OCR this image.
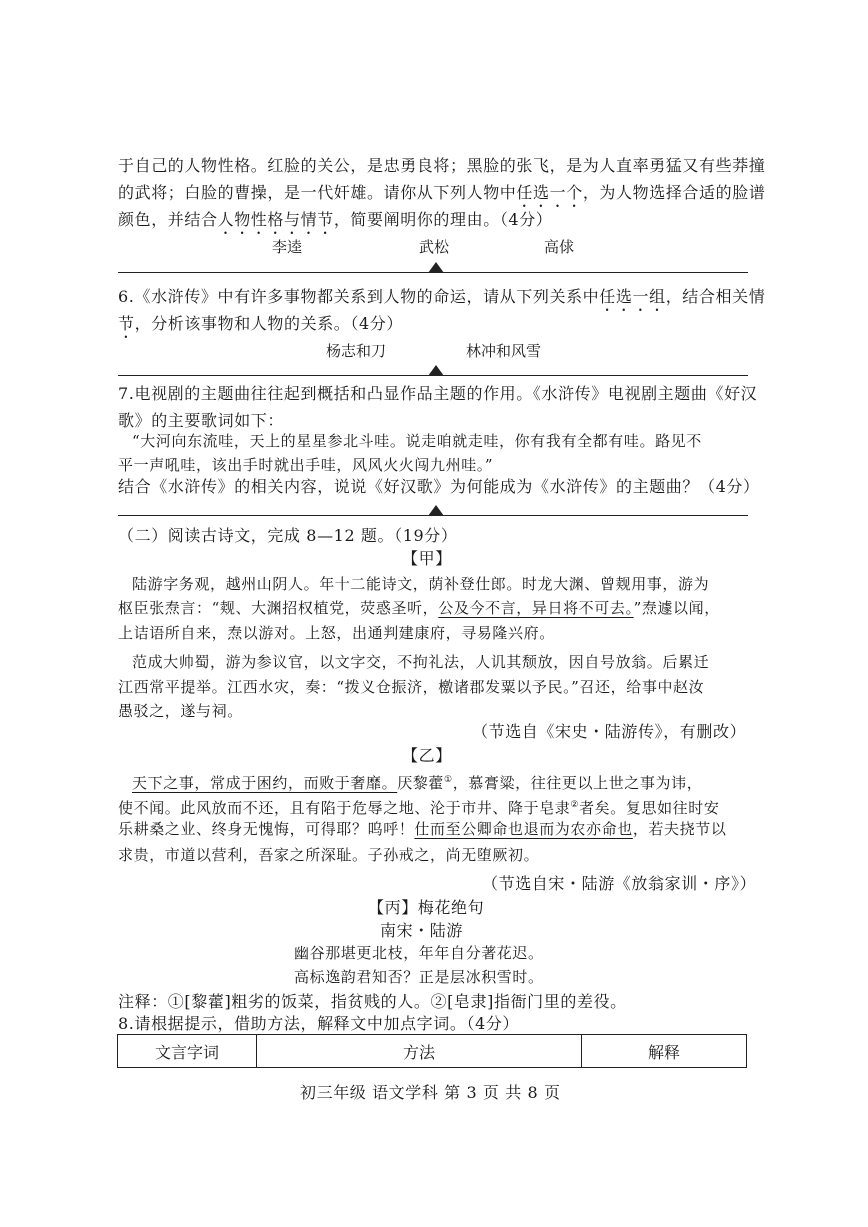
于自己的人物性格。红脸的关公，是忠勇良将；黑脸的张飞，是为人直率勇猛又有些莽撞
的武将；白脸的曹操，是一代奸雄。请你从下列人物中任选一个，为人物选择合适的脸谱
颜色，并结合人物性格与情节，简要阐明你的理由。（4分）
李逵	武松	高俅
6.《水浒传》中有许多事物都关系到人物的命运，请从下列关系中任选一组，结合相关情
节，分析该事物和人物的关系。（4分）
杨志和刀	林冲和风雪
7.电视剧的主题曲往往起到概括和凸显作品主题的作用。《水浒传》电视剧主题曲《好汉
歌》的主要歌词如下：
“大河向东流哇，天上的星星参北斗哇。说走咱就走哇，你有我有全都有哇。路见不
平一声吼哇，该出手时就出手哇，风风火火闯九州哇。”
结合《水浒传》的相关内容，说说《好汉歌》为何能成为《水浒传》的主题曲？（4分）
（二）阅读古诗文，完成 8—12 题。（19分）
【甲】
陆游字务观，越州山阴人。年十二能诗文，荫补登仕郎。时龙大渊、曾觌用事，游为
枢臣张焘言：“觌、大渊招权植党，荧惑圣听，公及今不言，异日将不可去。”焘遽以闻，
上诘语所自来，焘以游对。上怒，出通判建康府，寻易隆兴府。
范成大帅蜀，游为参议官，以文字交，不拘礼法，人讥其颓放，因自号放翁。后累迁
江西常平提举。江西水灾，奏：“拨义仓振济，檄诸郡发粟以予民。”召还，给事中赵汝
愚驳之，遂与祠。
（节选自《宋史・陆游传》，有删改）
【乙】
天下之事，常成于困约，而败于奢靡。厌黎藿①，慕膏粱，往往更以上世之事为讳，
使不闻。此风放而不还，且有陷于危辱之地、沦于市井、降于皂隶②者矣。复思如往时安
乐耕桑之业、终身无愧悔，可得耶？呜呼！仕而至公卿命也退而为农亦命也，若夫挠节以
求贵，市道以营利，吾家之所深耻。子孙戒之，尚无堕厥初。
（节选自宋・陆游《放翁家训・序》）
【丙】梅花绝句
南宋・陆游
幽谷那堪更北枝，年年自分著花迟。
高标逸韵君知否？正是层冰积雪时。
注释：①[黎藿]粗劣的饭菜，指贫贱的人。②[皂隶]指衙门里的差役。
8.请根据提示，借助方法，解释文中加点字词。（4分）
文言字词	方法	解释
初三年级 语文学科 第 3 页 共 8 页
